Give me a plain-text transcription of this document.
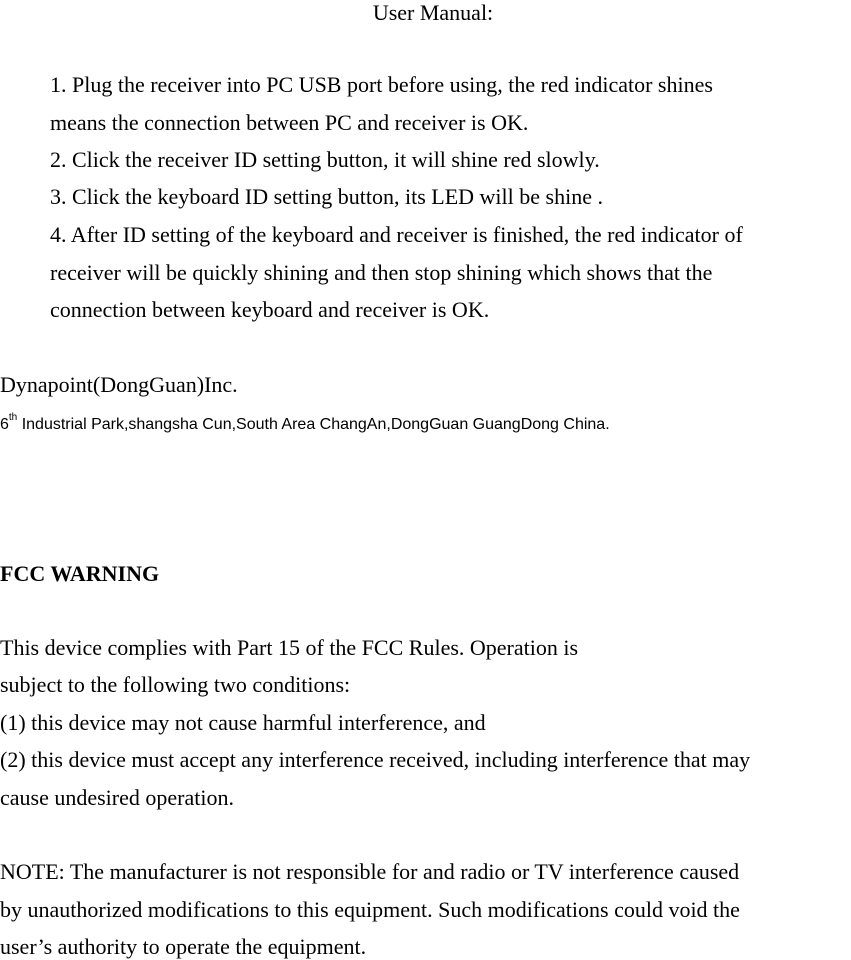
User Manual:
1. Plug the receiver into PC USB port before using, the red indicator shines
means the connection between PC and receiver is OK.
2. Click the receiver ID setting button, it will shine red slowly.
3. Click the keyboard ID setting button, its LED will be shine .
4. After ID setting of the keyboard and receiver is finished, the red indicator of
receiver will be quickly shining and then stop shining which shows that the
connection between keyboard and receiver is OK.
Dynapoint(DongGuan)Inc.
6th Industrial Park,shangsha Cun,South Area ChangAn,DongGuan GuangDong China.
FCC WARNING
This device complies with Part 15 of the FCC Rules. Operation is
subject to the following two conditions:
(1) this device may not cause harmful interference, and
(2) this device must accept any interference received, including interference that may
cause undesired operation.
NOTE: The manufacturer is not responsible for and radio or TV interference caused
by unauthorized modifications to this equipment. Such modifications could void the
user’s authority to operate the equipment.
